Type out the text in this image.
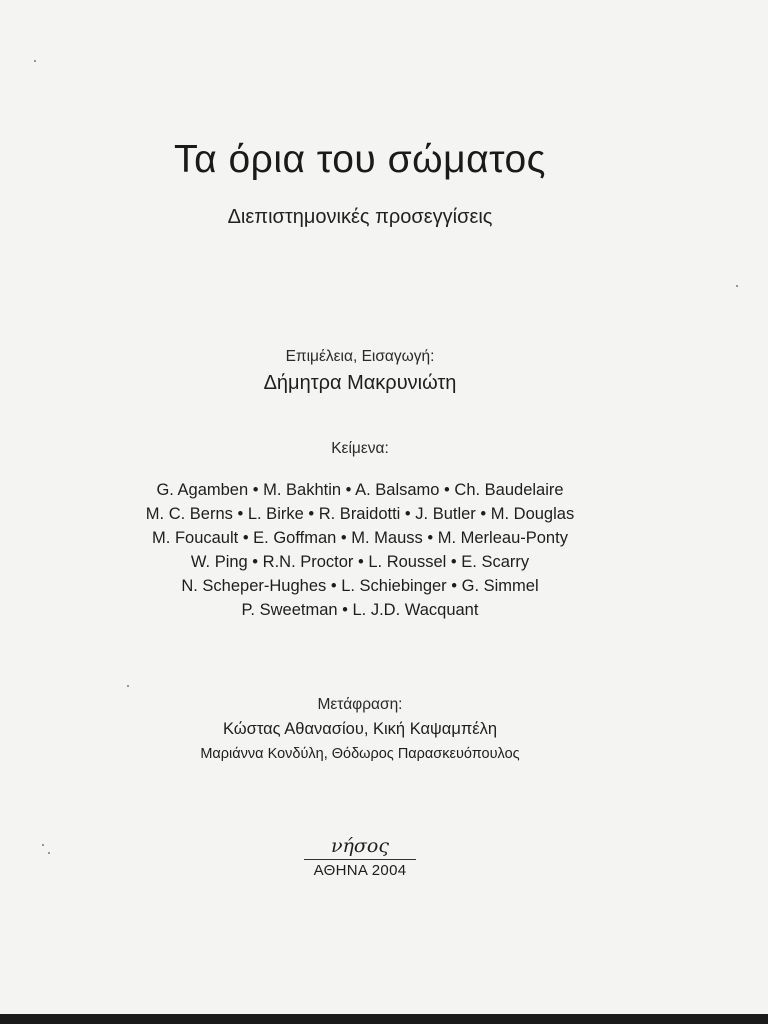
Τα όρια του σώματος
Διεπιστημονικές προσεγγίσεις
Επιμέλεια, Εισαγωγή:
Δήμητρα Μακρυνιώτη
Κείμενα:
G. Agamben • M. Bakhtin • A. Balsamo • Ch. Baudelaire
M. C. Berns • L. Birke • R. Braidotti • J. Butler • M. Douglas
M. Foucault • E. Goffman • M. Mauss • M. Merleau-Ponty
W. Ping • R.N. Proctor • L. Roussel • E. Scarry
N. Scheper-Hughes • L. Schiebinger • G. Simmel
P. Sweetman • L. J.D. Wacquant
Μετάφραση:
Κώστας Αθανασίου, Κική Καψαμπέλη
Μαριάννα Κονδύλη, Θόδωρος Παρασκευόπουλος
νήσος
ΑΘΗΝΑ 2004
